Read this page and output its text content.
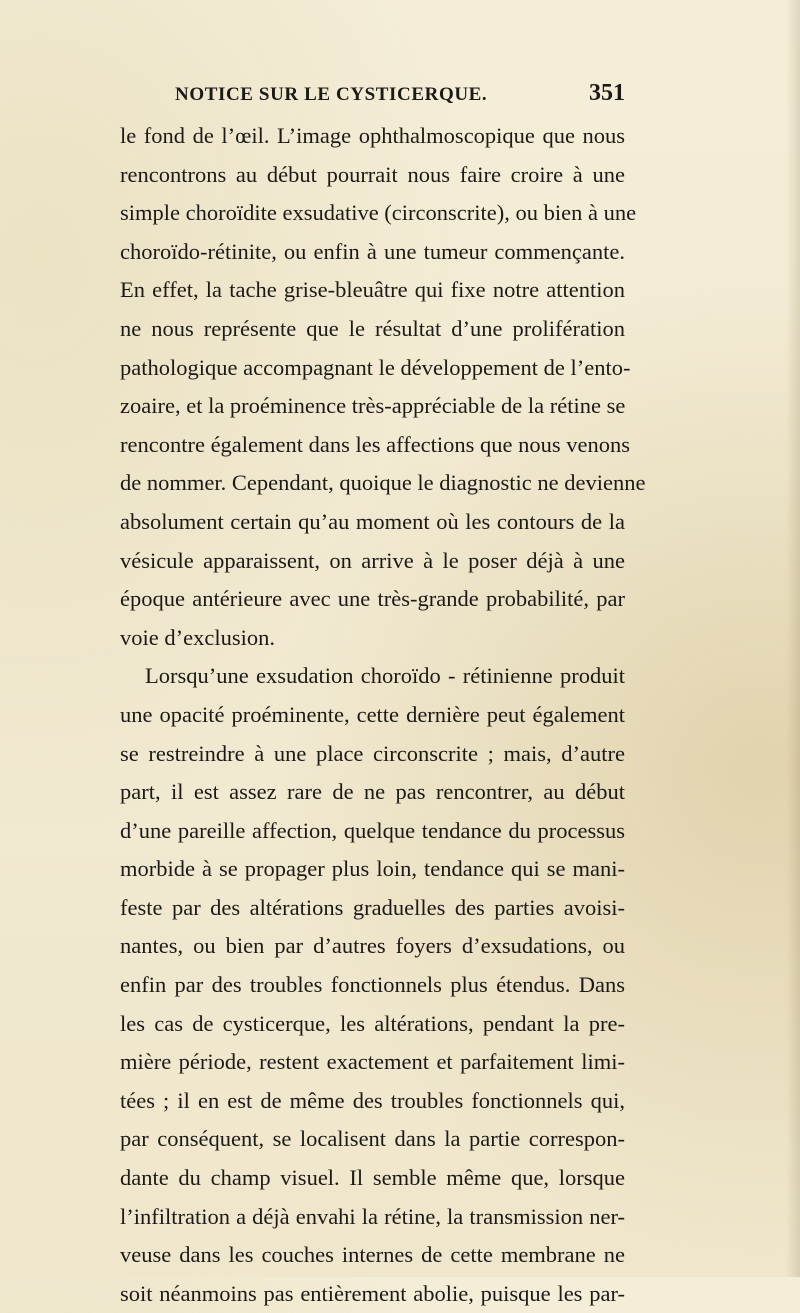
NOTICE SUR LE CYSTICERQUE.	351
le fond de l’œil. L’image ophthalmoscopique que nous
rencontrons au début pourrait nous faire croire à une
simple choroïdite exsudative (circonscrite), ou bien à une
choroïdo-rétinite, ou enfin à une tumeur commençante.
En effet, la tache grise-bleuâtre qui fixe notre attention
ne nous représente que le résultat d’une prolifération
pathologique accompagnant le développement de l’ento-
zoaire, et la proéminence très-appréciable de la rétine se
rencontre également dans les affections que nous venons
de nommer. Cependant, quoique le diagnostic ne devienne
absolument certain qu’au moment où les contours de la
vésicule apparaissent, on arrive à le poser déjà à une
époque antérieure avec une très-grande probabilité, par
voie d’exclusion.
Lorsqu’une exsudation choroïdo - rétinienne produit
une opacité proéminente, cette dernière peut également
se restreindre à une place circonscrite ; mais, d’autre
part, il est assez rare de ne pas rencontrer, au début
d’une pareille affection, quelque tendance du processus
morbide à se propager plus loin, tendance qui se mani-
feste par des altérations graduelles des parties avoisi-
nantes, ou bien par d’autres foyers d’exsudations, ou
enfin par des troubles fonctionnels plus étendus. Dans
les cas de cysticerque, les altérations, pendant la pre-
mière période, restent exactement et parfaitement limi-
tées ; il en est de même des troubles fonctionnels qui,
par conséquent, se localisent dans la partie correspon-
dante du champ visuel. Il semble même que, lorsque
l’infiltration a déjà envahi la rétine, la transmission ner-
veuse dans les couches internes de cette membrane ne
soit néanmoins pas entièrement abolie, puisque les par-
